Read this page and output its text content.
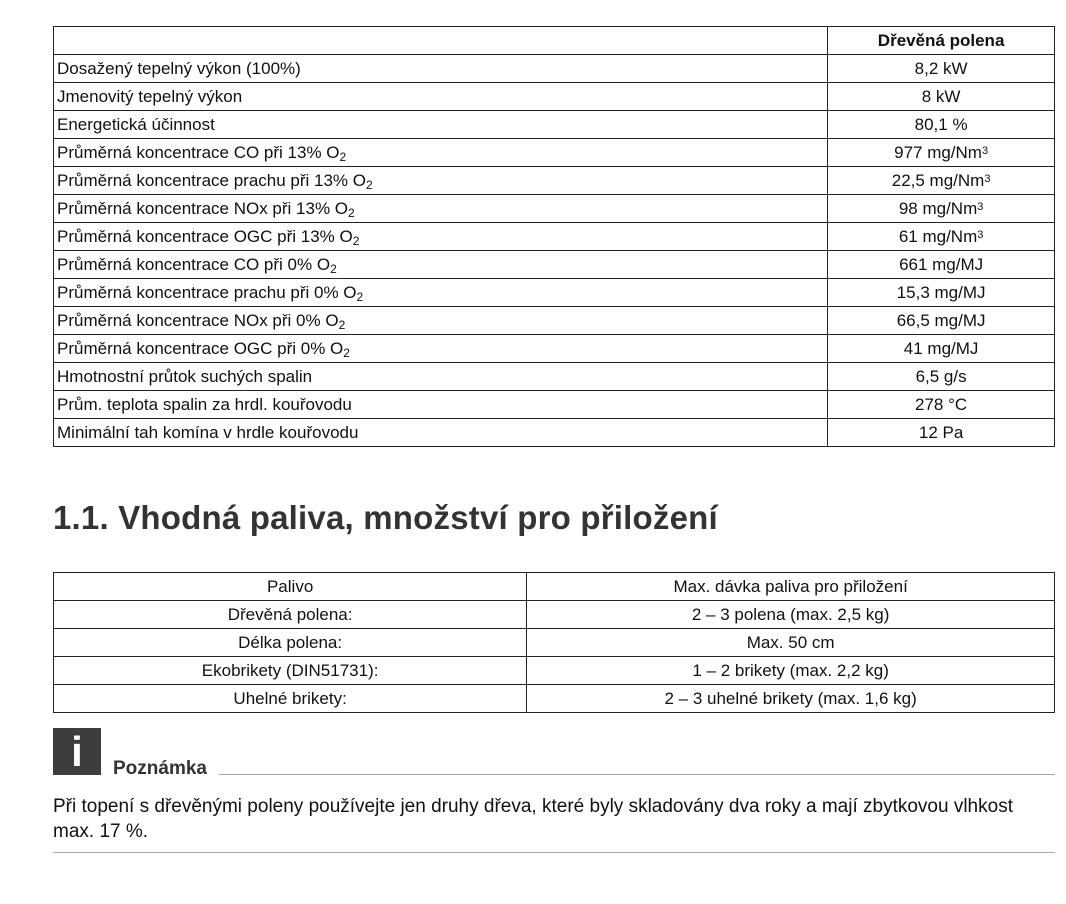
	Dřevěná polena
Dosažený tepelný výkon (100%)	8,2 kW
Jmenovitý tepelný výkon	8 kW
Energetická účinnost	80,1 %
Průměrná koncentrace CO při 13% $O_2$	977 mg/Nm$^3$
Průměrná koncentrace prachu při 13% $O_2$	22,5 mg/Nm$^3$
Průměrná koncentrace NOx při 13% $O_2$	98 mg/Nm$^3$
Průměrná koncentrace OGC při 13% $O_2$	61 mg/Nm$^3$
Průměrná koncentrace CO při 0% $O_2$	661 mg/MJ
Průměrná koncentrace prachu při 0% $O_2$	15,3 mg/MJ
Průměrná koncentrace NOx při 0% $O_2$	66,5 mg/MJ
Průměrná koncentrace OGC při 0% $O_2$	41 mg/MJ
Hmotnostní průtok suchých spalin	6,5 g/s
Prům. teplota spalin za hrdl. kouřovodu	278 °C
Minimální tah komína v hrdle kouřovodu	12 Pa
1.1. Vhodná paliva, množství pro přiložení
Palivo	Max. dávka paliva pro přiložení
Dřevěná polena:	2 – 3 polena (max. 2,5 kg)
Délka polena:	Max. 50 cm
Ekobrikety (DIN51731):	1 – 2 brikety (max. 2,2 kg)
Uhelné brikety:	2 – 3 uhelné brikety (max. 1,6 kg)
i	Poznámka

Při topení s dřevěnými poleny používejte jen druhy dřeva, které byly skladovány dva roky a mají zbytkovou vlhkost max. 17 %.
